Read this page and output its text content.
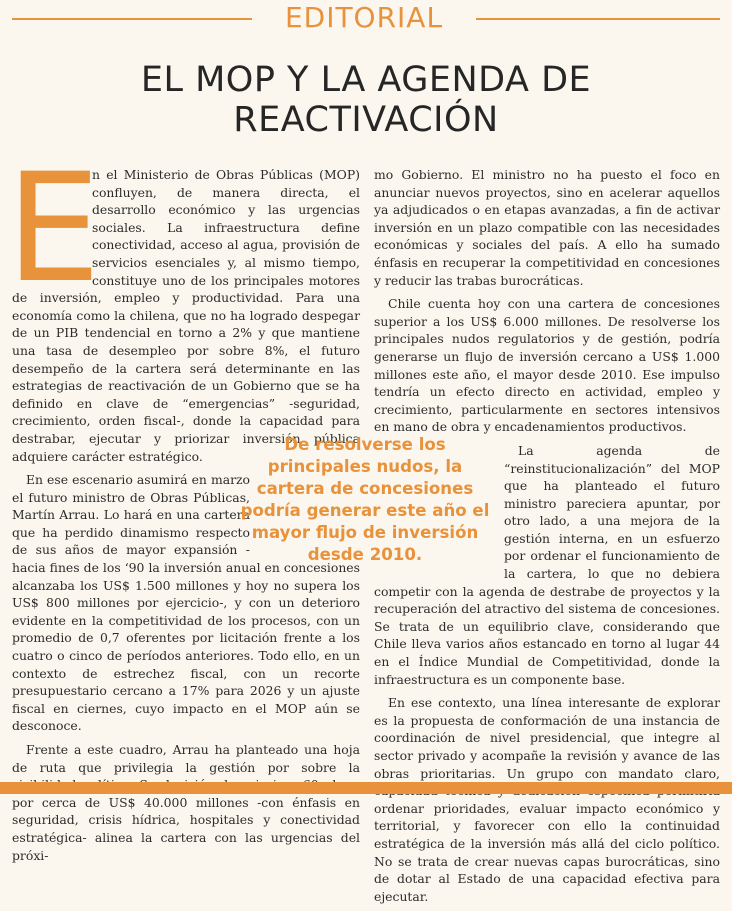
EDITORIAL
EL MOP Y LA AGENDA DE REACTIVACIÓN

E
n el Ministerio de Obras Públicas (MOP) confluyen, de manera directa, el desarrollo económico y las urgencias sociales. La infraestructura define conectividad, acceso al agua, provisión de servicios esenciales y, al mismo tiempo, constituye uno de los principales motores de inversión, empleo y productividad. Para una economía como la chilena, que no ha logrado despegar de un PIB tendencial en torno a 2% y que mantiene una tasa de desempleo por sobre 8%, el futuro desempeño de la cartera será determinante en las estrategias de reactivación de un Gobierno que se ha definido en clave de “emergencias” -seguridad, crecimiento, orden fiscal-, donde la capacidad para destrabar, ejecutar y priorizar inversión pública adquiere carácter estratégico.

En ese escenario asumirá en marzo el futuro ministro de Obras Públicas, Martín Arrau. Lo hará en una cartera que ha perdido dinamismo respecto de sus años de mayor expansión -hacia fines de los ‘90 la inversión anual en concesiones alcanzaba los US$ 1.500 millones y hoy no supera los US$ 800 millones por ejercicio-, y con un deterioro evidente en la competitividad de los procesos, con un promedio de 0,7 oferentes por licitación frente a los cuatro o cinco de períodos anteriores. Todo ello, en un contexto de estrechez fiscal, con un recorte presupuestario cercano a 17% para 2026 y un ajuste fiscal en ciernes, cuyo impacto en el MOP aún se desconoce.

Frente a este cuadro, Arrau ha planteado una hoja de ruta que privilegia la gestión por sobre la por cerca de US$ 40.000 millones -con énfasis en seguridad, crisis hídrica, hospitales y conectividad estratégica- alinea la cartera con las urgencias del próxi-

mo Gobierno. El ministro no ha puesto el foco en anunciar nuevos proyectos, sino en acelerar aquellos ya adjudicados o en etapas avanzadas, a fin de activar inversión en un plazo compatible con las necesidades económicas y sociales del país. A ello ha sumado énfasis en recuperar la competitividad en concesiones y reducir las trabas burocráticas.

Chile cuenta hoy con una cartera de concesiones superior a los US$ 6.000 millones. De resolverse los principales nudos regulatorios y de gestión, podría generarse un flujo de inversión cercano a US$ 1.000 millones este año, el mayor desde 2010. Ese impulso tendría un efecto directo en actividad, empleo y crecimiento, particularmente en sectores intensivos en mano de obra y encadenamientos productivos.

La agenda de “reinstitucionalización” del MOP que ha planteado el futuro ministro pareciera apuntar, por otro lado, a una mejora de la gestión interna, en un esfuerzo por ordenar el funcionamiento de la cartera, lo que no debiera competir con la agenda de destrabe de proyectos y la recuperación del atractivo del sistema de concesiones. Se trata de un equilibrio clave, considerando que Chile lleva varios años estancado en torno al lugar 44 en el Índice Mundial de Competitividad, donde la infraestructura es un componente base.

En ese contexto, una línea interesante de explorar es la propuesta de conformación de una instancia de coordinación de nivel presidencial, que integre al sector privado y acompañe la revisión y avance de las obras prioritarias. Un grupo con mandato claro, ordenar prioridades, evaluar impacto económico y territorial, y favorecer con ello la continuidad estratégica de la inversión más allá del ciclo político. No se trata de crear nuevas capas burocráticas, sino de dotar al Estado de una capacidad efectiva para ejecutar.

De resolverse los principales nudos, la cartera de concesiones podría generar este año el mayor flujo de inversión desde 2010.
